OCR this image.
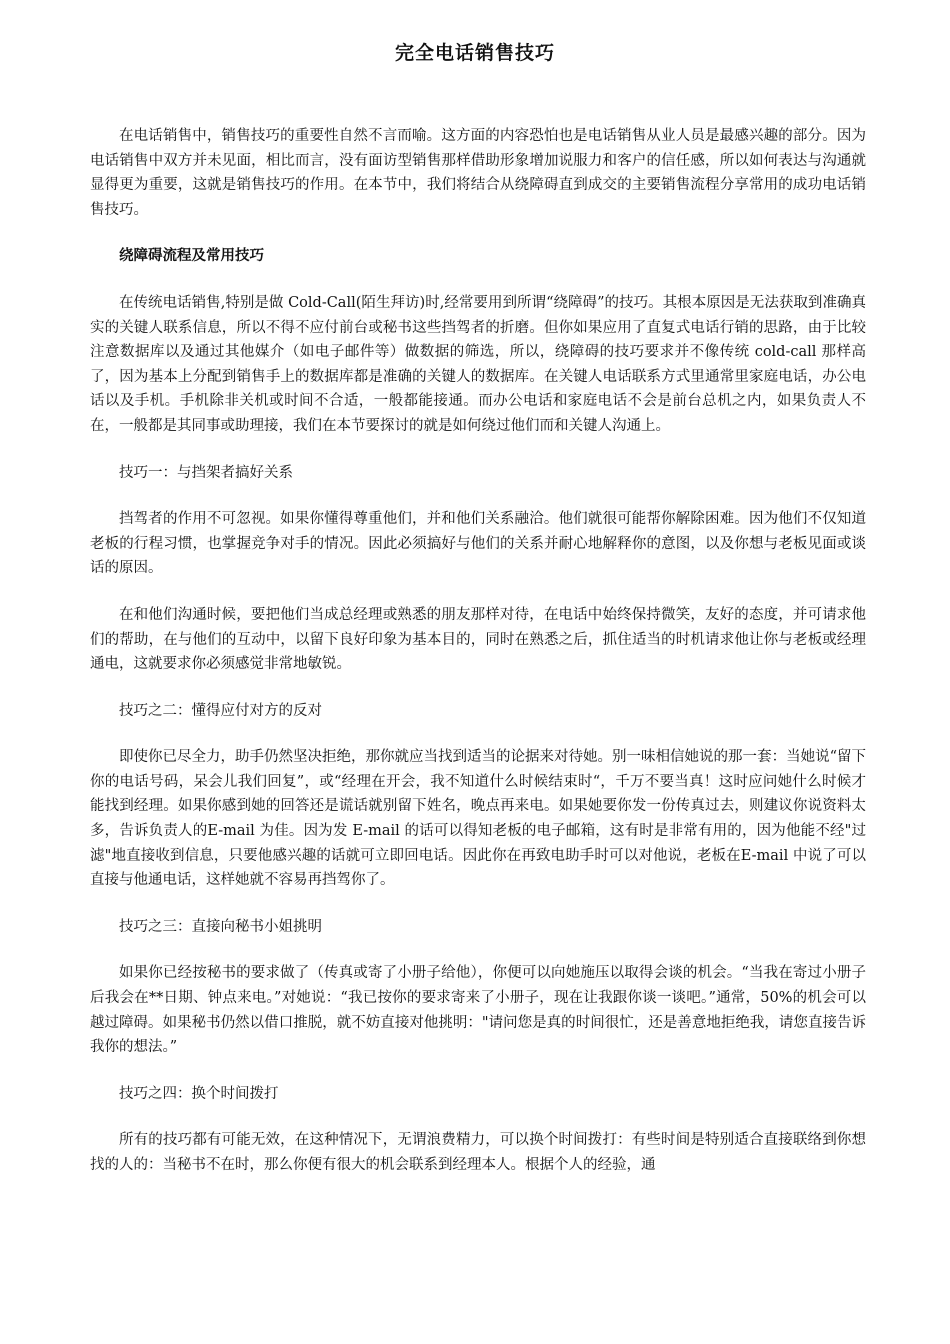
完全电话销售技巧

在电话销售中，销售技巧的重要性自然不言而喻。这方面的内容恐怕也是电话销售从业人员是最感兴趣的部分。因为电话销售中双方并未见面，相比而言，没有面访型销售那样借助形象增加说服力和客户的信任感，所以如何表达与沟通就显得更为重要，这就是销售技巧的作用。在本节中，我们将结合从绕障碍直到成交的主要销售流程分享常用的成功电话销售技巧。

绕障碍流程及常用技巧

在传统电话销售,特别是做 Cold-Call(陌生拜访)时,经常要用到所谓“绕障碍”的技巧。其根本原因是无法获取到准确真实的关键人联系信息，所以不得不应付前台或秘书这些挡驾者的折磨。但你如果应用了直复式电话行销的思路，由于比较注意数据库以及通过其他媒介（如电子邮件等）做数据的筛选，所以，绕障碍的技巧要求并不像传统 cold-call 那样高了，因为基本上分配到销售手上的数据库都是准确的关键人的数据库。在关键人电话联系方式里通常里家庭电话，办公电话以及手机。手机除非关机或时间不合适，一般都能接通。而办公电话和家庭电话不会是前台总机之内，如果负责人不在，一般都是其同事或助理接，我们在本节要探讨的就是如何绕过他们而和关键人沟通上。

技巧一：与挡架者搞好关系

挡驾者的作用不可忽视。如果你懂得尊重他们，并和他们关系融洽。他们就很可能帮你解除困难。因为他们不仅知道老板的行程习惯，也掌握竞争对手的情况。因此必须搞好与他们的关系并耐心地解释你的意图，以及你想与老板见面或谈话的原因。

在和他们沟通时候，要把他们当成总经理或熟悉的朋友那样对待，在电话中始终保持微笑，友好的态度，并可请求他们的帮助，在与他们的互动中，以留下良好印象为基本目的，同时在熟悉之后，抓住适当的时机请求他让你与老板或经理通电，这就要求你必须感觉非常地敏锐。

技巧之二：懂得应付对方的反对

即使你已尽全力，助手仍然坚决拒绝，那你就应当找到适当的论据来对待她。别一味相信她说的那一套：当她说“留下你的电话号码，呆会儿我们回复”，或“经理在开会，我不知道什么时候结束时“，千万不要当真！这时应问她什么时候才能找到经理。如果你感到她的回答还是谎话就别留下姓名，晚点再来电。如果她要你发一份传真过去，则建议你说资料太多，告诉负责人的E-mail 为佳。因为发 E-mail 的话可以得知老板的电子邮箱，这有时是非常有用的，因为他能不经"过滤"地直接收到信息，只要他感兴趣的话就可立即回电话。因此你在再致电助手时可以对他说，老板在E-mail 中说了可以直接与他通电话，这样她就不容易再挡驾你了。

技巧之三：直接向秘书小姐挑明

如果你已经按秘书的要求做了（传真或寄了小册子给他），你便可以向她施压以取得会谈的机会。“当我在寄过小册子后我会在**日期、钟点来电。”对她说：“我已按你的要求寄来了小册子，现在让我跟你谈一谈吧。”通常，50%的机会可以越过障碍。如果秘书仍然以借口推脱，就不妨直接对他挑明："请问您是真的时间很忙，还是善意地拒绝我，请您直接告诉我你的想法。”

技巧之四：换个时间拨打

所有的技巧都有可能无效，在这种情况下，无谓浪费精力，可以换个时间拨打：有些时间是特别适合直接联络到你想找的人的：当秘书不在时，那么你便有很大的机会联系到经理本人。根据个人的经验，通
